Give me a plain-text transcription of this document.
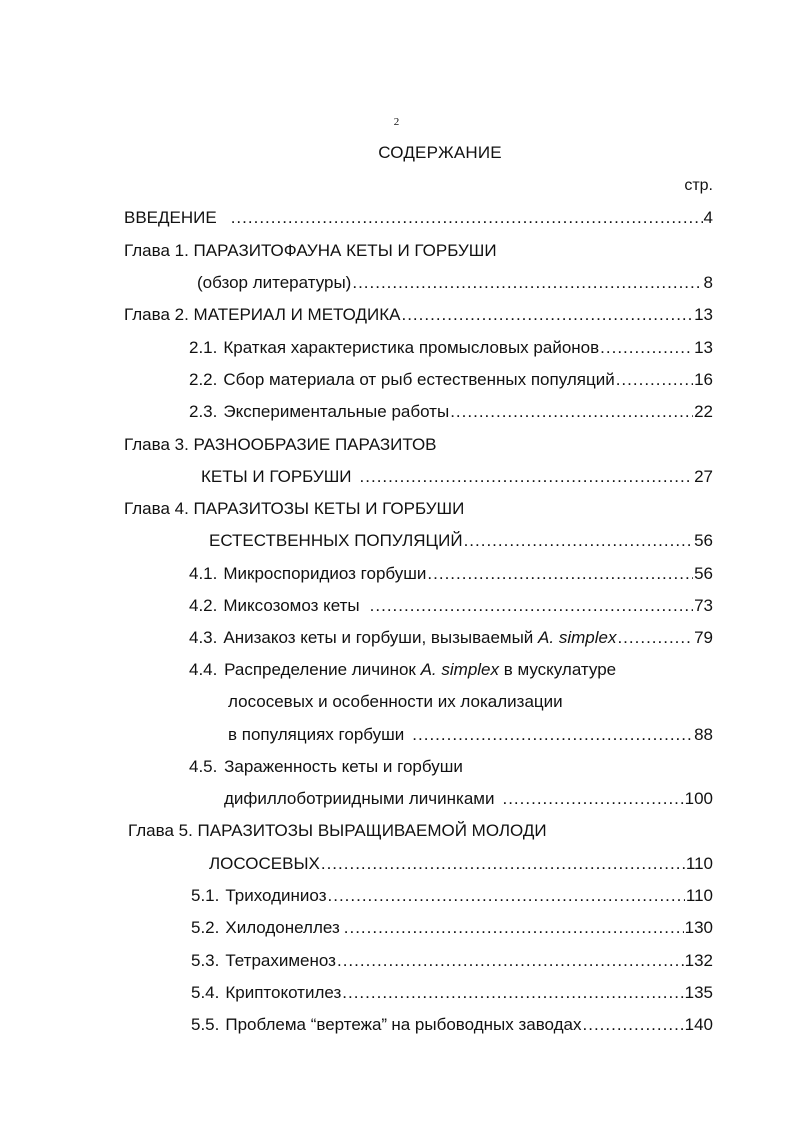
2
СОДЕРЖАНИЕ
стр.
ВВЕДЕНИЕ .....	4
Глава 1. ПАРАЗИТОФАУНА КЕТЫ И ГОРБУШИ
(обзор литературы) .....	8
Глава 2. МАТЕРИАЛ И МЕТОДИКА .....	13
2.1. Краткая характеристика промысловых районов .....	13
2.2. Сбор материала от рыб естественных популяций .....	16
2.3. Экспериментальные работы .....	22
Глава 3. РАЗНООБРАЗИЕ ПАРАЗИТОВ
КЕТЫ И ГОРБУШИ .....	27
Глава 4. ПАРАЗИТОЗЫ КЕТЫ И ГОРБУШИ
ЕСТЕСТВЕННЫХ ПОПУЛЯЦИЙ .....	56
4.1. Микроспоридиоз горбуши .....	56
4.2. Миксозомоз кеты .....	73
4.3. Анизакоз кеты и горбуши, вызываемый A. simplex .....	79
4.4. Распределение личинок A. simplex в мускулатуре
лососевых и особенности их локализации
в популяциях горбуши .....	88
4.5. Зараженность кеты и горбуши
дифиллоботриидными личинками .....	100
Глава 5. ПАРАЗИТОЗЫ ВЫРАЩИВАЕМОЙ МОЛОДИ
ЛОСОСЕВЫХ .....	110
5.1. Триходиниоз .....	110
5.2. Хилодонеллез .....	130
5.3. Тетрахименоз .....	132
5.4. Криптокотилез .....	135
5.5. Проблема “вертежа” на рыбоводных заводах .....	140
